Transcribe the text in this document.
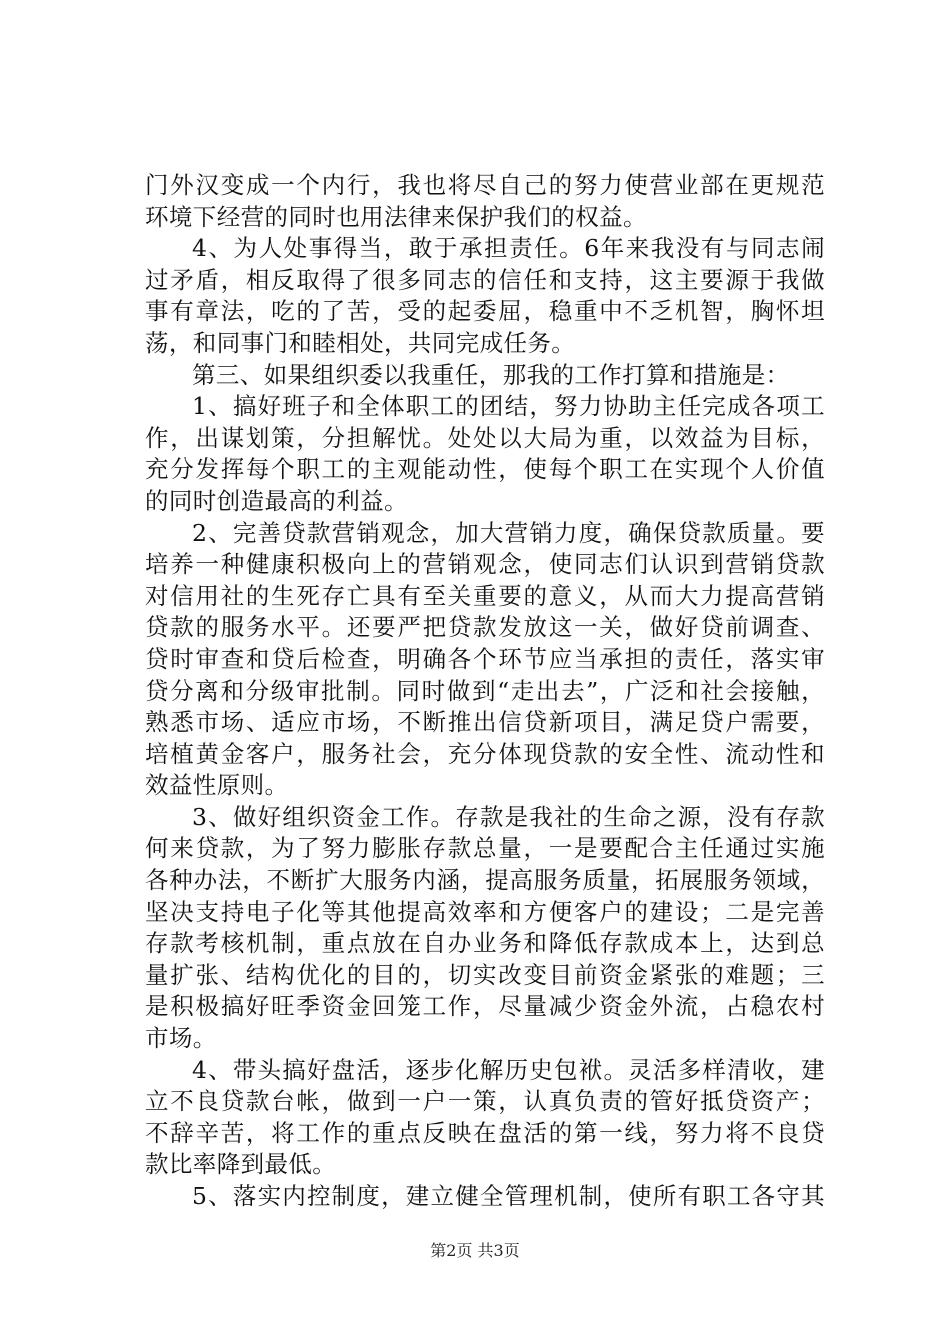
门外汉变成一个内行，我也将尽自己的努力使营业部在更规范
环境下经营的同时也用法律来保护我们的权益。
4、为人处事得当，敢于承担责任。6年来我没有与同志闹
过矛盾，相反取得了很多同志的信任和支持，这主要源于我做
事有章法，吃的了苦，受的起委屈，稳重中不乏机智，胸怀坦
荡，和同事门和睦相处，共同完成任务。
第三、如果组织委以我重任，那我的工作打算和措施是：
1、搞好班子和全体职工的团结，努力协助主任完成各项工
作，出谋划策，分担解忧。处处以大局为重，以效益为目标，
充分发挥每个职工的主观能动性，使每个职工在实现个人价值
的同时创造最高的利益。
2、完善贷款营销观念，加大营销力度，确保贷款质量。要
培养一种健康积极向上的营销观念，使同志们认识到营销贷款
对信用社的生死存亡具有至关重要的意义，从而大力提高营销
贷款的服务水平。还要严把贷款发放这一关，做好贷前调查、
贷时审查和贷后检查，明确各个环节应当承担的责任，落实审
贷分离和分级审批制。同时做到“走出去”，广泛和社会接触，
熟悉市场、适应市场，不断推出信贷新项目，满足贷户需要，
培植黄金客户，服务社会，充分体现贷款的安全性、流动性和
效益性原则。
3、做好组织资金工作。存款是我社的生命之源，没有存款
何来贷款，为了努力膨胀存款总量，一是要配合主任通过实施
各种办法，不断扩大服务内涵，提高服务质量，拓展服务领域，
坚决支持电子化等其他提高效率和方便客户的建设；二是完善
存款考核机制，重点放在自办业务和降低存款成本上，达到总
量扩张、结构优化的目的，切实改变目前资金紧张的难题；三
是积极搞好旺季资金回笼工作，尽量减少资金外流，占稳农村
市场。
4、带头搞好盘活，逐步化解历史包袱。灵活多样清收，建
立不良贷款台帐，做到一户一策，认真负责的管好抵贷资产；
不辞辛苦，将工作的重点反映在盘活的第一线，努力将不良贷
款比率降到最低。
5、落实内控制度，建立健全管理机制，使所有职工各守其
第2页 共3页
